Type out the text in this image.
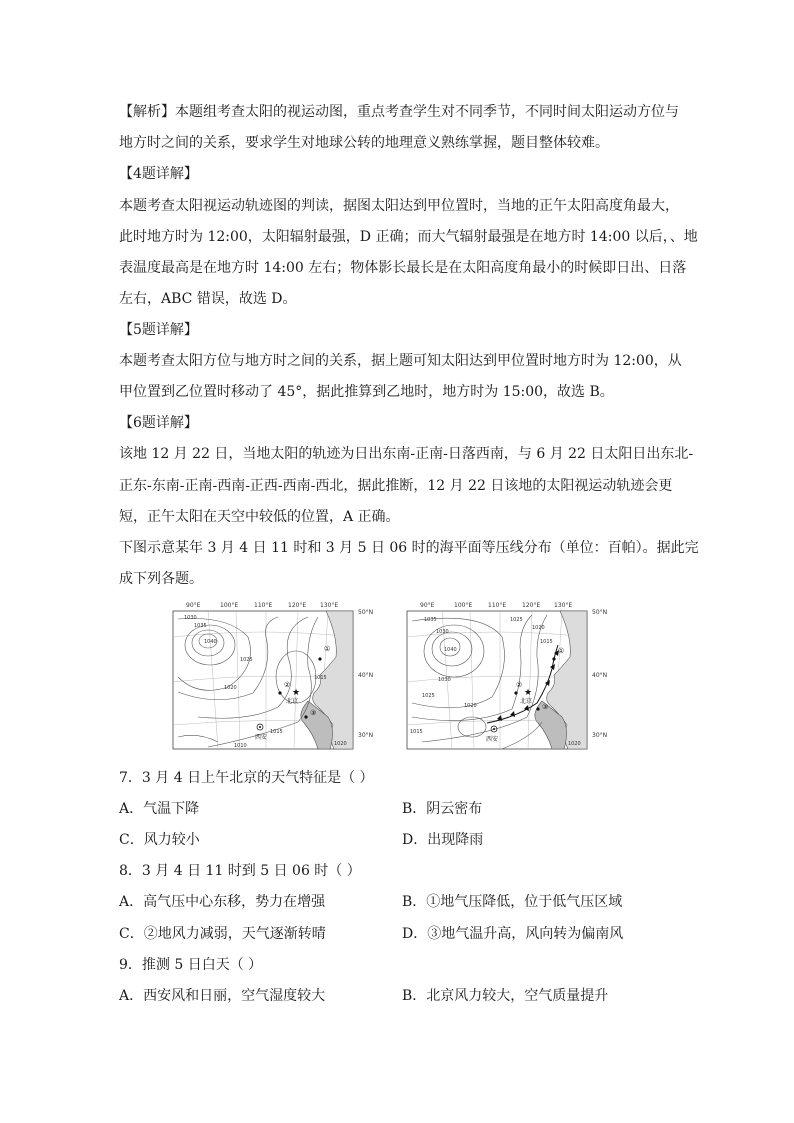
【解析】本题组考查太阳的视运动图，重点考查学生对不同季节，不同时间太阳运动方位与
地方时之间的关系，要求学生对地球公转的地理意义熟练掌握，题目整体较难。
【4题详解】
本题考查太阳视运动轨迹图的判读，据图太阳达到甲位置时，当地的正午太阳高度角最大，
此时地方时为 12:00，太阳辐射最强，D 正确；而大气辐射最强是在地方时 14:00 以后，、地
表温度最高是在地方时 14:00 左右；物体影长最长是在太阳高度角最小的时候即日出、日落
左右，ABC 错误，故选 D。
【5题详解】
本题考查太阳方位与地方时之间的关系，据上题可知太阳达到甲位置时地方时为 12:00，从
甲位置到乙位置时移动了 45°，据此推算到乙地时，地方时为 15:00，故选 B。
【6题详解】
该地 12 月 22 日，当地太阳的轨迹为日出东南-正南-日落西南，与 6 月 22 日太阳日出东北-
正东-东南-正南-西南-正西-西南-西北，据此推断，12 月 22 日该地的太阳视运动轨迹会更
短，正午太阳在天空中较低的位置，A 正确。
下图示意某年 3 月 4 日 11 时和 3 月 5 日 06 时的海平面等压线分布（单位：百帕）。据此完
成下列各题。
90°E	100°E	110°E	120°E 130°E
50°N
40°N
30°N
1040
1035
1030
1025
1020
1015
1010
1015
1020
①
②
③
★
北京
西安
90°E	100°E	110°E	120°E 130°E
50°N
40°N
30°N
1035
1030
1040
1025
1020
1015
1025
1030
1020
1015
1020
①
②
③
★
北京
西安
7．3 月 4 日上午北京的天气特征是（ ）
A．气温下降	B．阴云密布
C．风力较小	D．出现降雨
8．3 月 4 日 11 时到 5 日 06 时（ ）
A．高气压中心东移，势力在增强	B．①地气压降低，位于低气压区域
C．②地风力减弱，天气逐渐转晴	D．③地气温升高，风向转为偏南风
9．推测 5 日白天（ ）
A．西安风和日丽，空气湿度较大	B．北京风力较大，空气质量提升
